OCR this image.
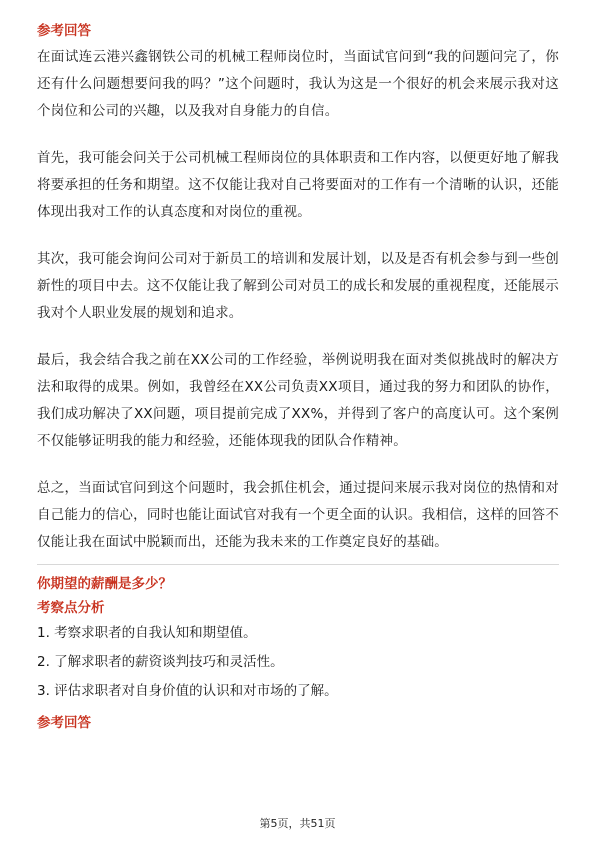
参考回答

在面试连云港兴鑫钢铁公司的机械工程师岗位时，当面试官问到“我的问题问完了，你还有什么问题想要问我的吗？”这个问题时，我认为这是一个很好的机会来展示我对这个岗位和公司的兴趣，以及我对自身能力的自信。

首先，我可能会问关于公司机械工程师岗位的具体职责和工作内容，以便更好地了解我将要承担的任务和期望。这不仅能让我对自己将要面对的工作有一个清晰的认识，还能体现出我对工作的认真态度和对岗位的重视。

其次，我可能会询问公司对于新员工的培训和发展计划，以及是否有机会参与到一些创新性的项目中去。这不仅能让我了解到公司对员工的成长和发展的重视程度，还能展示我对个人职业发展的规划和追求。

最后，我会结合我之前在XX公司的工作经验，举例说明我在面对类似挑战时的解决方法和取得的成果。例如，我曾经在XX公司负责XX项目，通过我的努力和团队的协作，我们成功解决了XX问题，项目提前完成了XX%，并得到了客户的高度认可。这个案例不仅能够证明我的能力和经验，还能体现我的团队合作精神。

总之，当面试官问到这个问题时，我会抓住机会，通过提问来展示我对岗位的热情和对自己能力的信心，同时也能让面试官对我有一个更全面的认识。我相信，这样的回答不仅能让我在面试中脱颖而出，还能为我未来的工作奠定良好的基础。

你期望的薪酬是多少？

考察点分析

1. 考察求职者的自我认知和期望值。

2. 了解求职者的薪资谈判技巧和灵活性。

3. 评估求职者对自身价值的认识和对市场的了解。

参考回答

第5页，共51页
